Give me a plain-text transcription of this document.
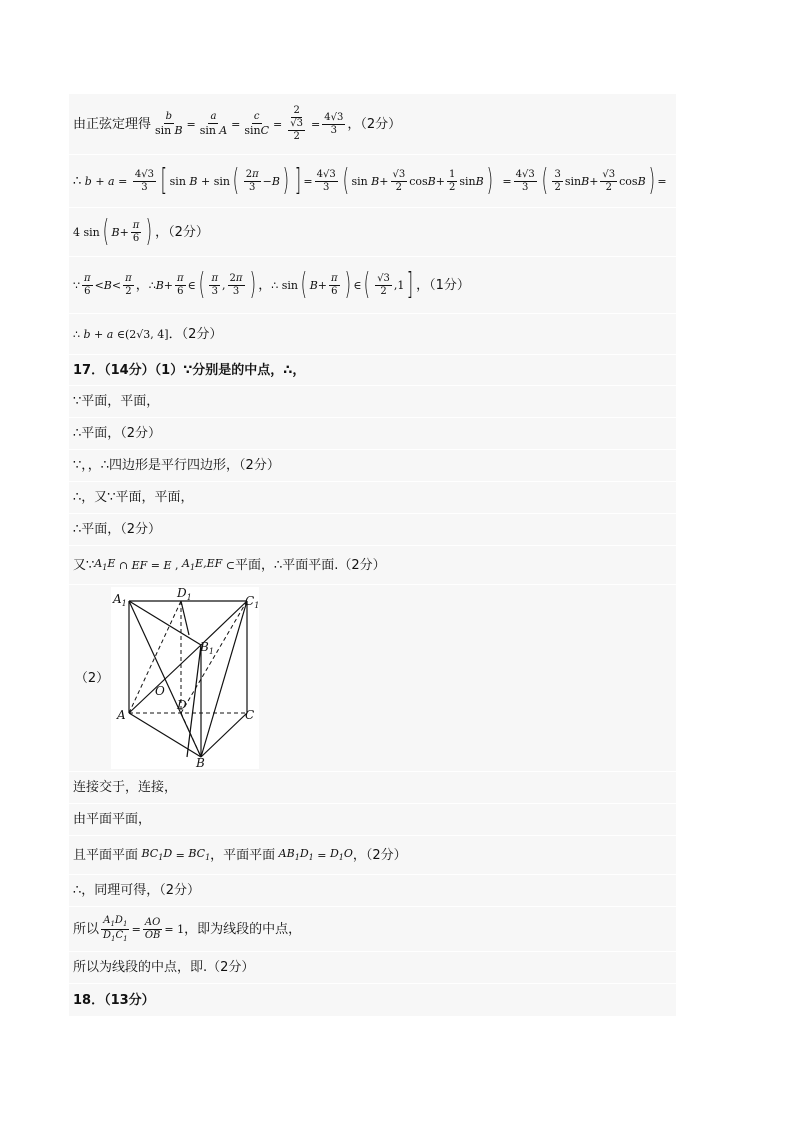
由正弦定理得 $\frac{b}{\text{sin B}} = \frac{a}{\text{sin A}} = \frac{c}{\sin C} = \frac{2}{\frac{√3}{2}} = \frac{4√3}{3}$ ，（2分）
∴ $b + a = \frac{4√3}{3}$ [ sin B + sin ( $\frac{2\pi}{3} - B$ ) ] = $\frac{4√3}{3}$ ( $\sin B + \frac{√3}{2}$ $\cos B + \frac{1}{2}$ sin B ) = $\frac{4√3}{3}$ ( $\frac{3}{2}$ $\sin B + \frac{√3}{2}$ cos B ) =
4 sin ( $B + \frac{\pi}{6}$ ) ，（2分）
∵ $\frac{\pi}{6} < B < \frac{\pi}{2}$ ， ∴ $B + \frac{\pi}{6}$ ∈ ( $\frac{\pi}{3}$ , $\frac{2\pi}{3}$ ) ， ∴ sin ( $B + \frac{\pi}{6}$ ) ∈ ( $\frac{√3}{2} ,1$ ] ，（1分）
∴ b + a ∈(2√3, 4] ．（2分）
17．（14分）（1）∵分别是的中点，∴，
∵平面，平面，
∴平面，（2分）
∵，，∴四边形是平行四边形，（2分）
∴，又∵平面，平面，
∴平面，（2分）
又∵ $A_1E$ ∩ EF = E , $A_1E,EF$ ⊂ 平面，∴平面平面.（2分）
（2）
$A_1$
$D_1$	$C_1$
$B_1$
O
D
A	C
B
连接交于，连接，
由平面平面，
且平面平面 $BC_1D = BC_1$ ，平面平面 $AB_1D_1 = D_1O$ ，（2分）
∴，同理可得，（2分）
所以 $\frac{A_1D_1}{D_1C_1} = \frac{AO}{OB} = 1$ ，即为线段的中点，
所以为线段的中点，即.（2分）
18．（13分）
